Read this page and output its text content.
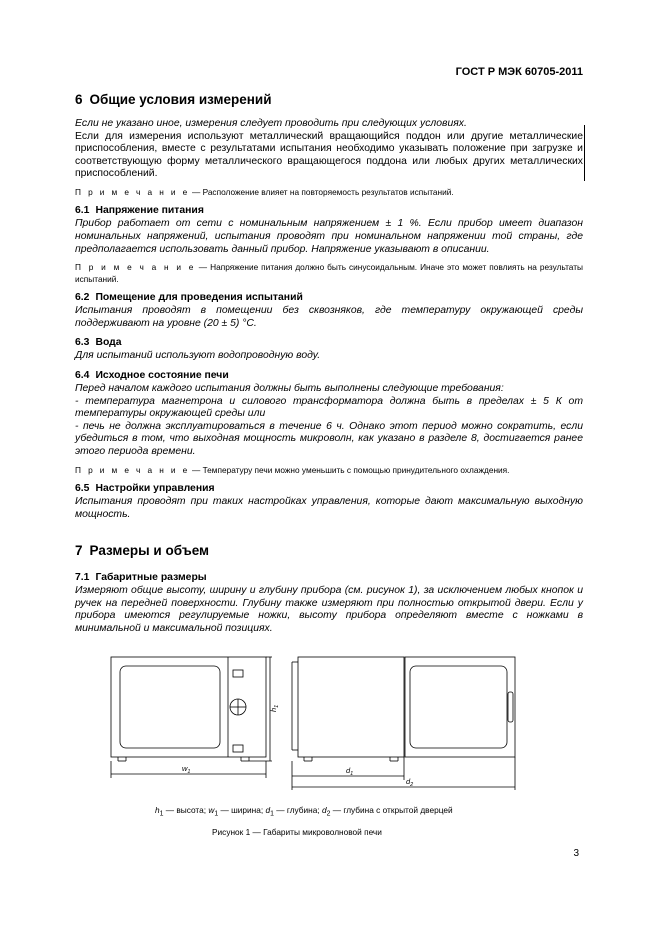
ГОСТ Р МЭК 60705-2011
6 Общие условия измерений

Если не указано иное, измерения следует проводить при следующих условиях.

Если для измерения используют металлический вращающийся поддон или другие металлические приспособления, вместе с результатами испытания необходимо указывать положение при загрузке и соответствующую форму металлического вращающегося поддона или любых других металлических приспособлений.

П р и м е ч а н и е — Расположение влияет на повторяемость результатов испытаний.
6.1 Напряжение питания

Прибор работает от сети с номинальным напряжением ± 1 %. Если прибор имеет диапазон номинальных напряжений, испытания проводят при номинальном напряжении той страны, где предполагается использовать данный прибор. Напряжение указывают в описании.

П р и м е ч а н и е — Напряжение питания должно быть синусоидальным. Иначе это может повлиять на результаты испытаний.
6.2 Помещение для проведения испытаний

Испытания проводят в помещении без сквозняков, где температуру окружающей среды поддерживают на уровне (20 ± 5) °С.

6.3 Вода

Для испытаний используют водопроводную воду.

6.4 Исходное состояние печи

Перед началом каждого испытания должны быть выполнены следующие требования:

- температура магнетрона и силового трансформатора должна быть в пределах ± 5 К от температуры окружающей среды или

- печь не должна эксплуатироваться в течение 6 ч. Однако этот период можно сократить, если убедиться в том, что выходная мощность микроволн, как указано в разделе 8, достигается ранее этого периода времени.

П р и м е ч а н и е — Температуру печи можно уменьшить с помощью принудительного охлаждения.
6.5 Настройки управления

Испытания проводят при таких настройках управления, которые дают максимальную выходную мощность.

7 Размеры и объем
7.1 Габаритные размеры

Измеряют общие высоту, ширину и глубину прибора (см. рисунок 1), за исключением любых кнопок и ручек на передней поверхности. Глубину также измеряют при полностью открытой двери. Если у прибора имеются регулируемые ножки, высоту прибора определяют вместе с ножками в минимальной и максимальной позициях.

$h_1$
$w_1$	$d_1$
$d_2$
$h_1$ — высота; $w_1$ — ширина; $d_1$ — глубина; $d_2$ — глубина с открытой дверцей
Рисунок 1 — Габариты микроволновой печи
3
